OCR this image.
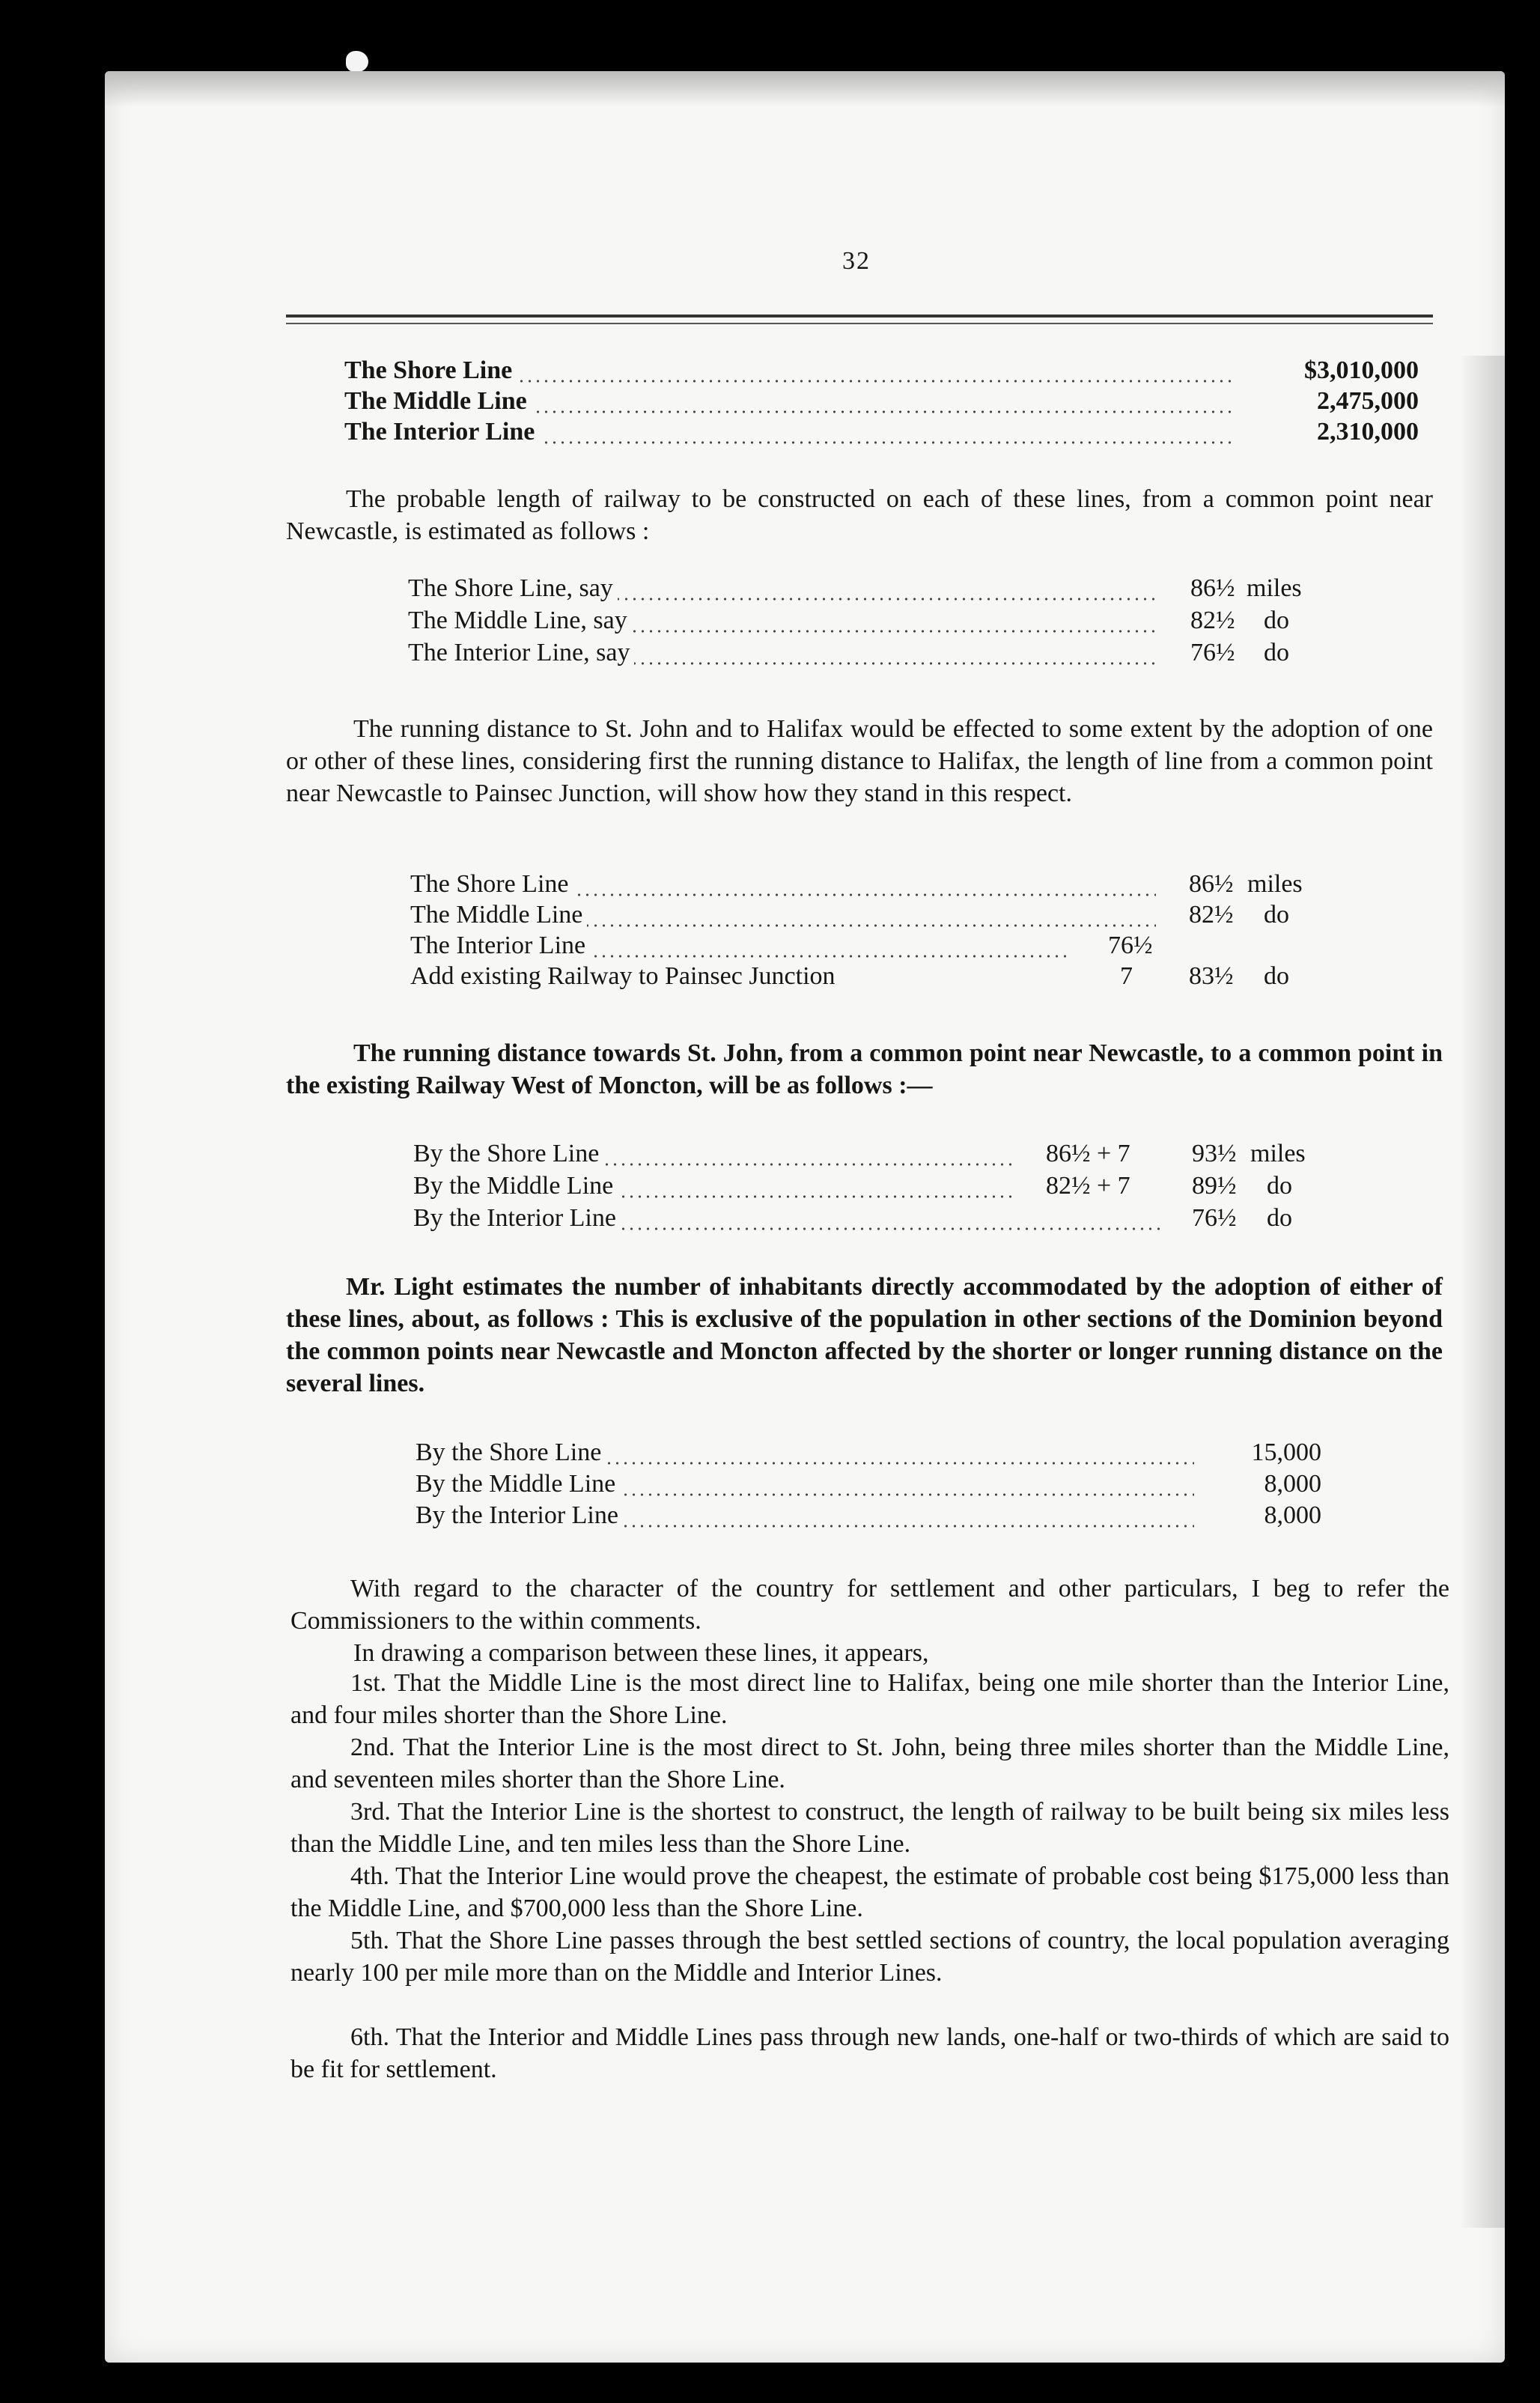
32
The Shore Line	$3,010,000
The Middle Line	2,475,000
The Interior Line	2,310,000
The probable length of railway to be constructed on each of these lines, from a common point near Newcastle, is estimated as follows :
The Shore Line, say	86½ miles
The Middle Line, say	82½ do
The Interior Line, say	76½ do
The running distance to St. John and to Halifax would be effected to some extent by the adoption of one or other of these lines, considering first the running distance to Halifax, the length of line from a common point near Newcastle to Painsec Junction, will show how they stand in this respect.
The Shore Line	86½ miles
The Middle Line	82½ do
The Interior Line	76½
Add existing Railway to Painsec Junction	7 83½ do
The running distance towards St. John, from a common point near Newcastle, to a common point in the existing Railway West of Moncton, will be as follows :—
By the Shore Line	86½ + 7 93½ miles
By the Middle Line	82½ + 7 89½ do
By the Interior Line	76½ do
Mr. Light estimates the number of inhabitants directly accommodated by the adoption of either of these lines, about, as follows : This is exclusive of the population in other sections of the Dominion beyond the common points near Newcastle and Moncton affected by the shorter or longer running distance on the several lines.
By the Shore Line	15,000
By the Middle Line	8,000
By the Interior Line	8,000
With regard to the character of the country for settlement and other particulars, I beg to refer the Commissioners to the within comments.
In drawing a comparison between these lines, it appears,
1st. That the Middle Line is the most direct line to Halifax, being one mile shorter than the Interior Line, and four miles shorter than the Shore Line.
2nd. That the Interior Line is the most direct to St. John, being three miles shorter than the Middle Line, and seventeen miles shorter than the Shore Line.
3rd. That the Interior Line is the shortest to construct, the length of railway to be built being six miles less than the Middle Line, and ten miles less than the Shore Line.
4th. That the Interior Line would prove the cheapest, the estimate of probable cost being $175,000 less than the Middle Line, and $700,000 less than the Shore Line.
5th. That the Shore Line passes through the best settled sections of country, the local population averaging nearly 100 per mile more than on the Middle and Interior Lines.
6th. That the Interior and Middle Lines pass through new lands, one-half or two-thirds of which are said to be fit for settlement.
